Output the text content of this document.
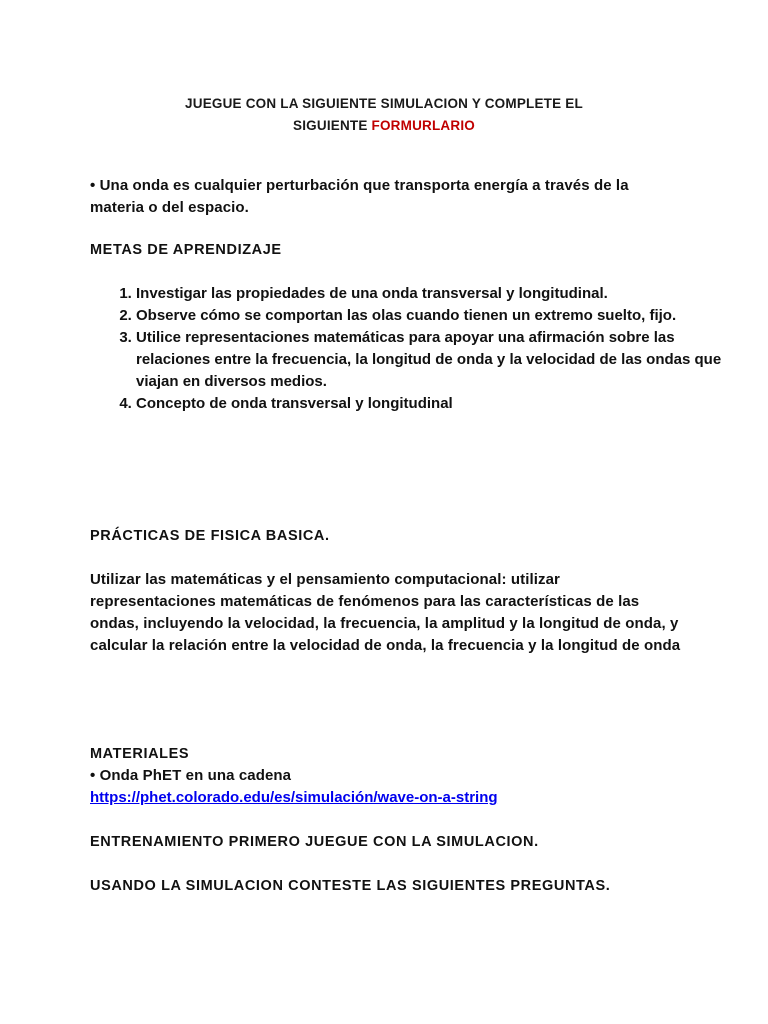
JUEGUE CON LA SIGUIENTE SIMULACION Y COMPLETE EL
SIGUIENTE FORMURLARIO
• Una onda es cualquier perturbación que transporta energía a través de la materia o del espacio.
METAS DE APRENDIZAJE
1. Investigar las propiedades de una onda transversal y longitudinal.
2. Observe cómo se comportan las olas cuando tienen un extremo suelto, fijo.
3. Utilice representaciones matemáticas para apoyar una afirmación sobre las relaciones entre la frecuencia, la longitud de onda y la velocidad de las ondas que viajan en diversos medios.
4. Concepto de onda transversal y longitudinal
PRÁCTICAS DE FISICA BASICA.
Utilizar las matemáticas y el pensamiento computacional: utilizar representaciones matemáticas de fenómenos para las características de las ondas, incluyendo la velocidad, la frecuencia, la amplitud y la longitud de onda, y calcular la relación entre la velocidad de onda, la frecuencia y la longitud de onda
MATERIALES
• Onda PhET en una cadena
https://phet.colorado.edu/es/simulación/wave-on-a-string
ENTRENAMIENTO PRIMERO JUEGUE CON LA SIMULACION.
USANDO LA SIMULACION CONTESTE LAS SIGUIENTES PREGUNTAS.
